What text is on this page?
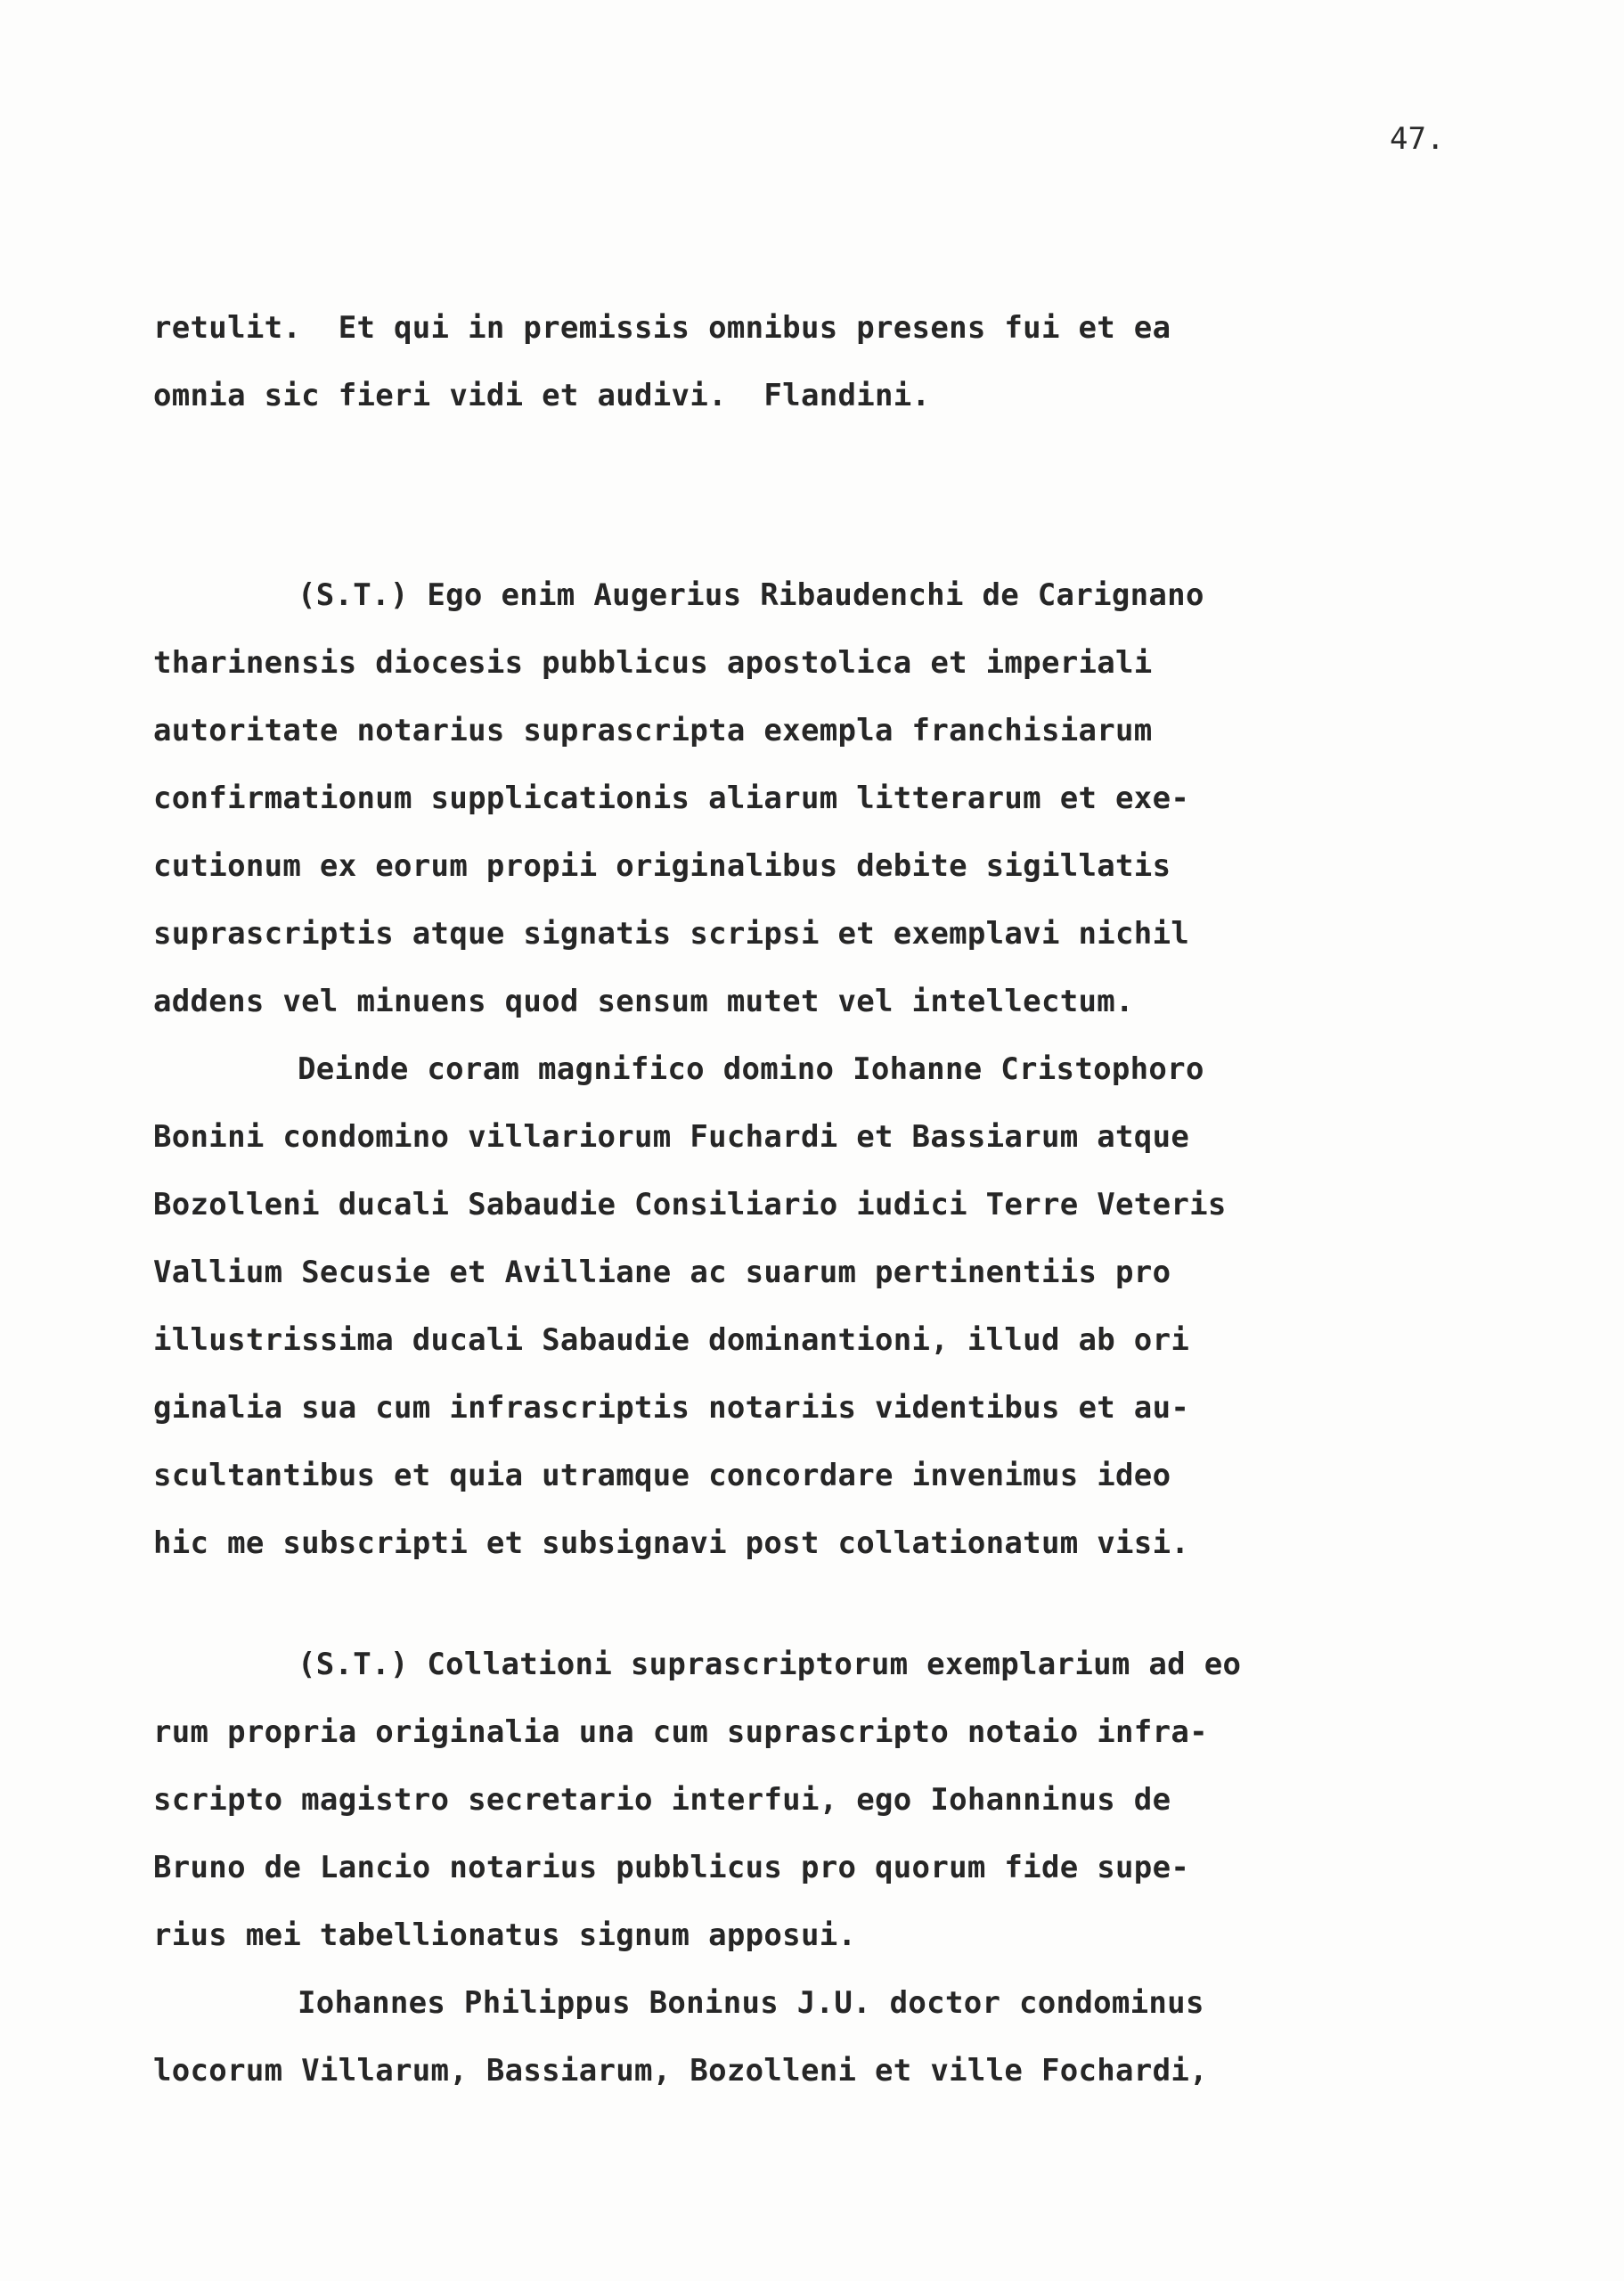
47.
retulit.  Et qui in premissis omnibus presens fui et ea
omnia sic fieri vidi et audivi.  Flandini.
(S.T.) Ego enim Augerius Ribaudenchi de Carignano
tharinensis diocesis pubblicus apostolica et imperiali
autoritate notarius suprascripta exempla franchisiarum
confirmationum supplicationis aliarum litterarum et exe-
cutionum ex eorum propii originalibus debite sigillatis
suprascriptis atque signatis scripsi et exemplavi nichil
addens vel minuens quod sensum mutet vel intellectum.
Deinde coram magnifico domino Iohanne Cristophoro
Bonini condomino villariorum Fuchardi et Bassiarum atque
Bozolleni ducali Sabaudie Consiliario iudici Terre Veteris
Vallium Secusie et Avilliane ac suarum pertinentiis pro
illustrissima ducali Sabaudie dominantioni, illud ab ori
ginalia sua cum infrascriptis notariis videntibus et au-
scultantibus et quia utramque concordare invenimus ideo
hic me subscripti et subsignavi post collationatum visi.
(S.T.) Collationi suprascriptorum exemplarium ad eo
rum propria originalia una cum suprascripto notaio infra-
scripto magistro secretario interfui, ego Iohanninus de
Bruno de Lancio notarius pubblicus pro quorum fide supe-
rius mei tabellionatus signum apposui.
Iohannes Philippus Boninus J.U. doctor condominus
locorum Villarum, Bassiarum, Bozolleni et ville Fochardi,
